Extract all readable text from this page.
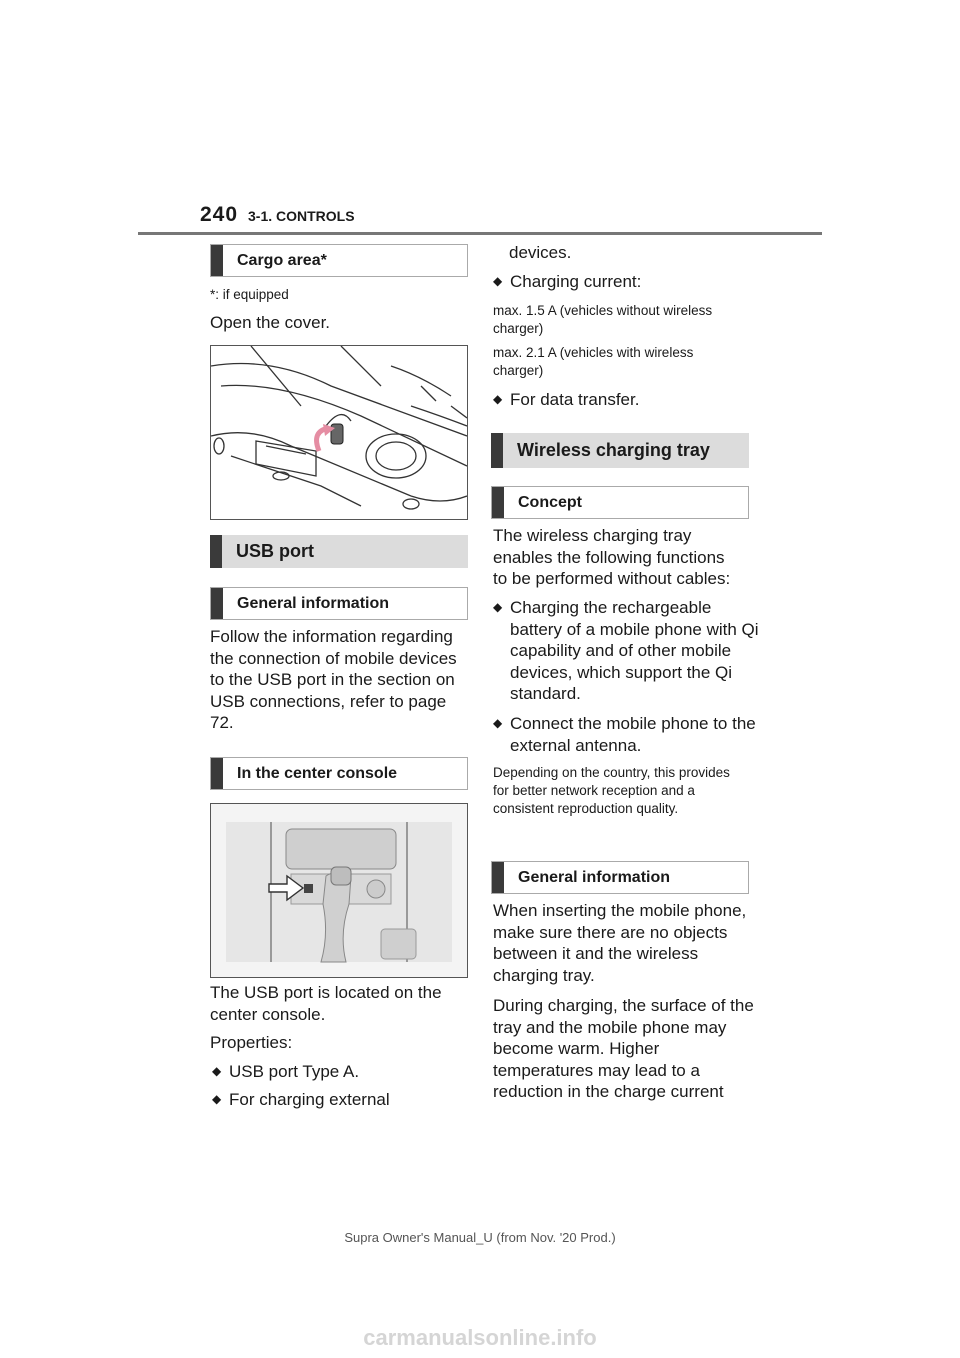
240 3-1. CONTROLS
Cargo area*
*: if equipped
Open the cover.
USB port
General information
Follow the information regarding the connection of mobile devices to the USB port in the section on USB connections, refer to page 72.
In the center console
The USB port is located on the center console.
Properties:
◆ USB port Type A.
◆ For charging external
devices.
◆ Charging current:
max. 1.5 A (vehicles without wireless charger)
max. 2.1 A (vehicles with wireless charger)
◆ For data transfer.
Wireless charging tray
Concept
The wireless charging tray enables the following functions to be performed without cables:
◆ Charging the rechargeable battery of a mobile phone with Qi capability and of other mobile devices, which support the Qi standard.
◆ Connect the mobile phone to the external antenna.
Depending on the country, this provides for better network reception and a consistent reproduction quality.
General information
When inserting the mobile phone, make sure there are no objects between it and the wireless charging tray.
During charging, the surface of the tray and the mobile phone may become warm. Higher temperatures may lead to a reduction in the charge current
Supra Owner's Manual_U (from Nov. '20 Prod.)
carmanualsonline.info
